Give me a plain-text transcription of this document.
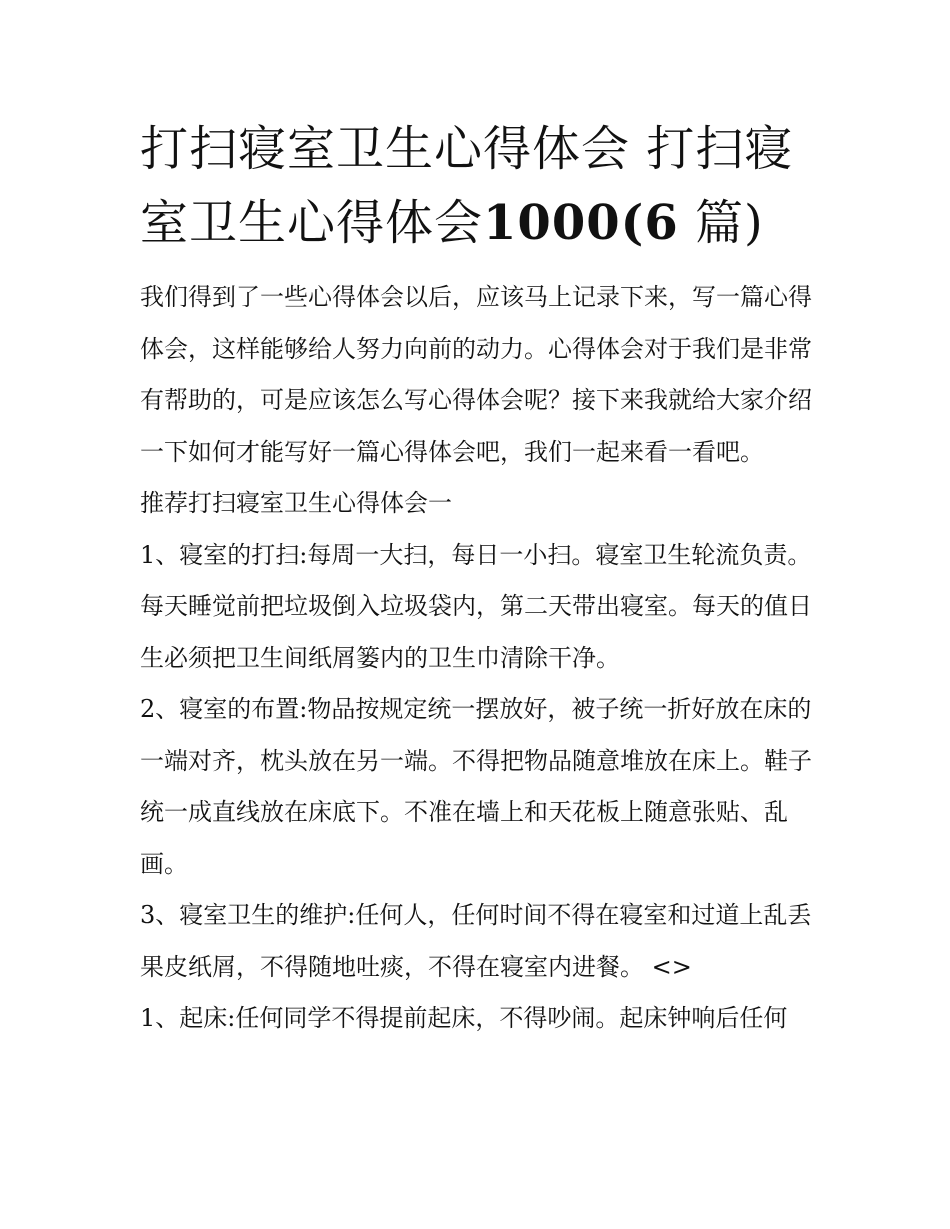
打扫寝室卫生心得体会 打扫寝室卫生心得体会1000(6 篇)

我们得到了一些心得体会以后，应该马上记录下来，写一篇心得体会，这样能够给人努力向前的动力。心得体会对于我们是非常有帮助的，可是应该怎么写心得体会呢？接下来我就给大家介绍一下如何才能写好一篇心得体会吧，我们一起来看一看吧。

推荐打扫寝室卫生心得体会一

1、寝室的打扫:每周一大扫，每日一小扫。寝室卫生轮流负责。每天睡觉前把垃圾倒入垃圾袋内，第二天带出寝室。每天的值日生必须把卫生间纸屑篓内的卫生巾清除干净。

2、寝室的布置:物品按规定统一摆放好，被子统一折好放在床的一端对齐，枕头放在另一端。不得把物品随意堆放在床上。鞋子统一成直线放在床底下。不准在墙上和天花板上随意张贴、乱画。

3、寝室卫生的维护:任何人，任何时间不得在寝室和过道上乱丢果皮纸屑，不得随地吐痰，不得在寝室内进餐。 <>

1、起床:任何同学不得提前起床，不得吵闹。起床钟响后任何
